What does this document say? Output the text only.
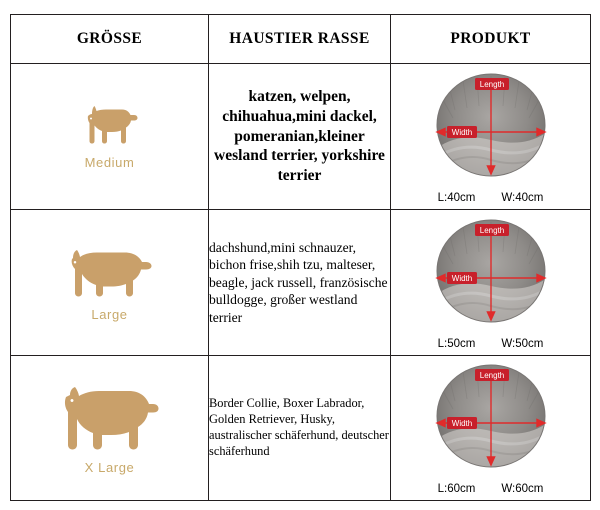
GRÖSSE	HAUSTIER RASSE	PRODUKT

Medium	katzen, welpen, chihuahua,mini dackel, pomeranian,kleiner wesland terrier, yorkshire terrier	Length
Width
L:40cm W:40cm

Large	dachshund,mini schnauzer, bichon frise,shih tzu, malteser, beagle, jack russell, französische bulldogge, großer westland terrier	Length
Width
L:50cm W:50cm

X Large	Border Collie, Boxer Labrador, Golden Retriever, Husky, australischer schäferhund, deutscher schäferhund	Length
Width
L:60cm W:60cm
